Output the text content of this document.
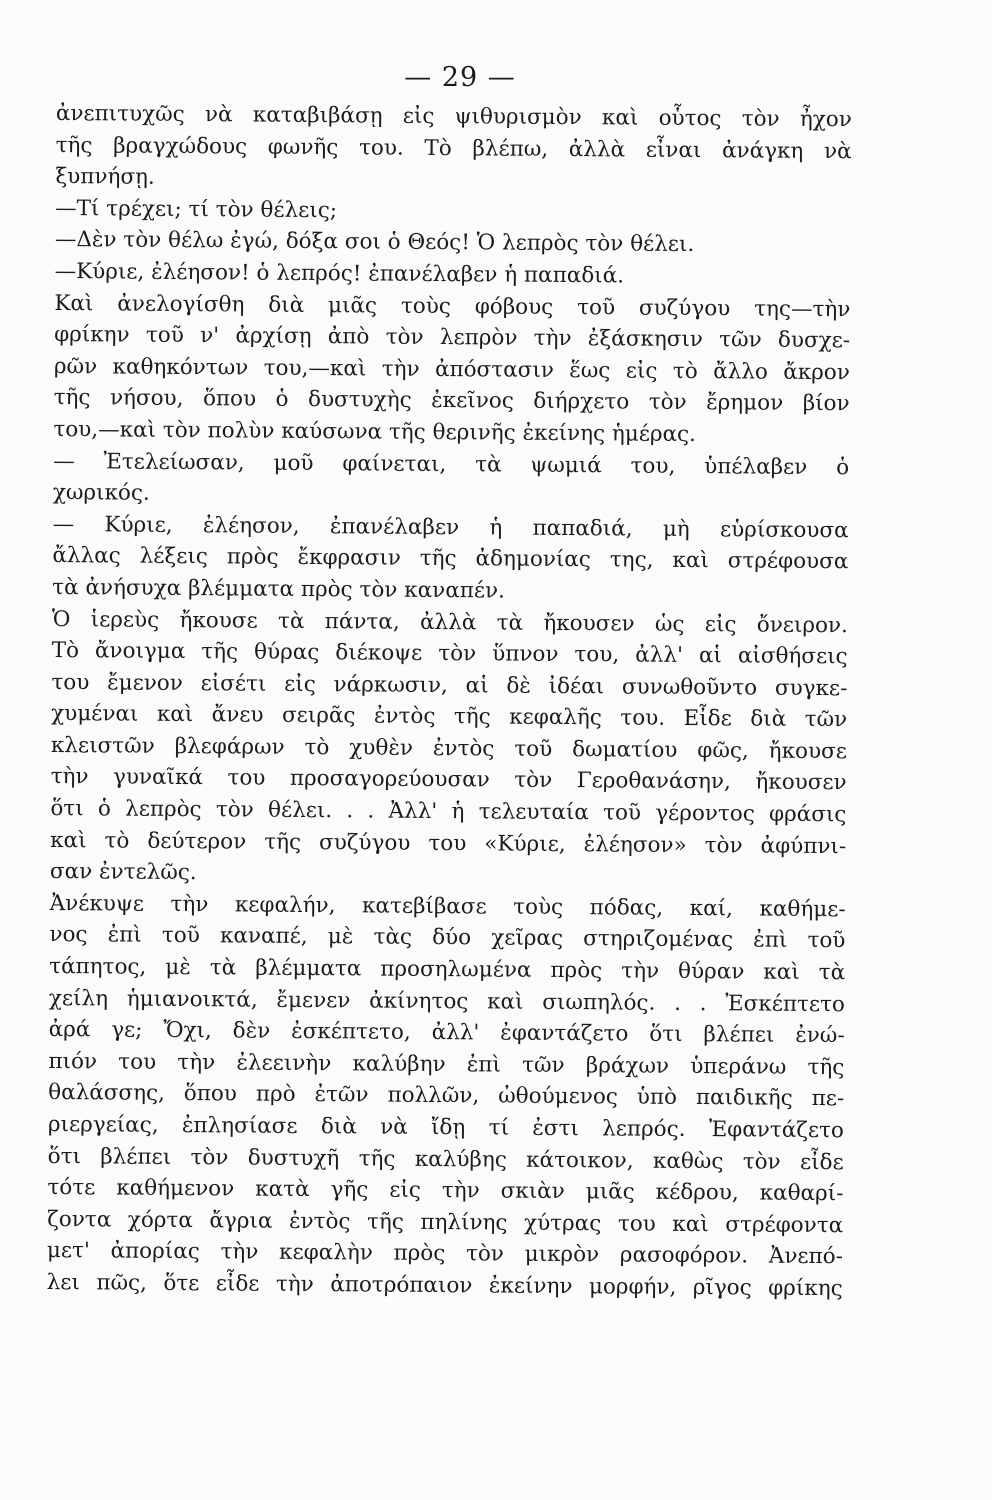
— 29 —
ἀνεπιτυχῶς νὰ καταβιβάσῃ εἰς ψιθυρισμὸν καὶ οὗτος τὸν ἦχον
τῆς βραγχώδους φωνῆς του. Τὸ βλέπω, ἀλλὰ εἶναι ἀνάγκη νὰ
ξυπνήσῃ.
—Τί τρέχει; τί τὸν θέλεις;
—Δὲν τὸν θέλω ἐγώ, δόξα σοι ὁ Θεός! Ὁ λεπρὸς τὸν θέλει.
—Κύριε, ἐλέησον! ὁ λεπρός! ἐπανέλαβεν ἡ παπαδιά.
Καὶ ἀνελογίσθη διὰ μιᾶς τοὺς φόβους τοῦ συζύγου της—τὴν
φρίκην τοῦ ν' ἀρχίσῃ ἀπὸ τὸν λεπρὸν τὴν ἐξάσκησιν τῶν δυσχε-
ρῶν καθηκόντων του,—καὶ τὴν ἀπόστασιν ἕως εἰς τὸ ἄλλο ἄκρον
τῆς νήσου, ὅπου ὁ δυστυχὴς ἐκεῖνος διήρχετο τὸν ἔρημον βίον
του,—καὶ τὸν πολὺν καύσωνα τῆς θερινῆς ἐκείνης ἡμέρας.
— Ἐτελείωσαν, μοῦ φαίνεται, τὰ ψωμιά του, ὑπέλαβεν ὁ
χωρικός.
— Κύριε, ἐλέησον, ἐπανέλαβεν ἡ παπαδιά, μὴ εὑρίσκουσα
ἄλλας λέξεις πρὸς ἔκφρασιν τῆς ἀδημονίας της, καὶ στρέφουσα
τὰ ἀνήσυχα βλέμματα πρὸς τὸν καναπέν.
Ὁ ἱερεὺς ἤκουσε τὰ πάντα, ἀλλὰ τὰ ἤκουσεν ὡς εἰς ὄνειρον.
Τὸ ἄνοιγμα τῆς θύρας διέκοψε τὸν ὕπνον του, ἀλλ' αἱ αἰσθήσεις
του ἔμενον εἰσέτι εἰς νάρκωσιν, αἱ δὲ ἰδέαι συνωθοῦντο συγκε-
χυμέναι καὶ ἄνευ σειρᾶς ἐντὸς τῆς κεφαλῆς του. Εἶδε διὰ τῶν
κλειστῶν βλεφάρων τὸ χυθὲν ἐντὸς τοῦ δωματίου φῶς, ἤκουσε
τὴν γυναῖκά του προσαγορεύουσαν τὸν Γεροθανάσην, ἤκουσεν
ὅτι ὁ λεπρὸς τὸν θέλει. . . Ἀλλ' ἡ τελευταία τοῦ γέροντος φράσις
καὶ τὸ δεύτερον τῆς συζύγου του «Κύριε, ἐλέησον» τὸν ἀφύπνι-
σαν ἐντελῶς.
Ἀνέκυψε τὴν κεφαλήν, κατεβίβασε τοὺς πόδας, καί, καθήμε-
νος ἐπὶ τοῦ καναπέ, μὲ τὰς δύο χεῖρας στηριζομένας ἐπὶ τοῦ
τάπητος, μὲ τὰ βλέμματα προσηλωμένα πρὸς τὴν θύραν καὶ τὰ
χείλη ἡμιανοικτά, ἔμενεν ἀκίνητος καὶ σιωπηλός. . . Ἐσκέπτετο
ἀρά γε; Ὄχι, δὲν ἐσκέπτετο, ἀλλ' ἐφαντάζετο ὅτι βλέπει ἐνώ-
πιόν του τὴν ἐλεεινὴν καλύβην ἐπὶ τῶν βράχων ὑπεράνω τῆς
θαλάσσης, ὅπου πρὸ ἐτῶν πολλῶν, ὠθούμενος ὑπὸ παιδικῆς πε-
ριεργείας, ἐπλησίασε διὰ νὰ ἴδῃ τί ἐστι λεπρός. Ἐφαντάζετο
ὅτι βλέπει τὸν δυστυχῆ τῆς καλύβης κάτοικον, καθὼς τὸν εἶδε
τότε καθήμενον κατὰ γῆς εἰς τὴν σκιὰν μιᾶς κέδρου, καθαρί-
ζοντα χόρτα ἄγρια ἐντὸς τῆς πηλίνης χύτρας του καὶ στρέφοντα
μετ' ἀπορίας τὴν κεφαλὴν πρὸς τὸν μικρὸν ρασοφόρον. Ἀνεπό-
λει πῶς, ὅτε εἶδε τὴν ἀποτρόπαιον ἐκείνην μορφήν, ρῖγος φρίκης
